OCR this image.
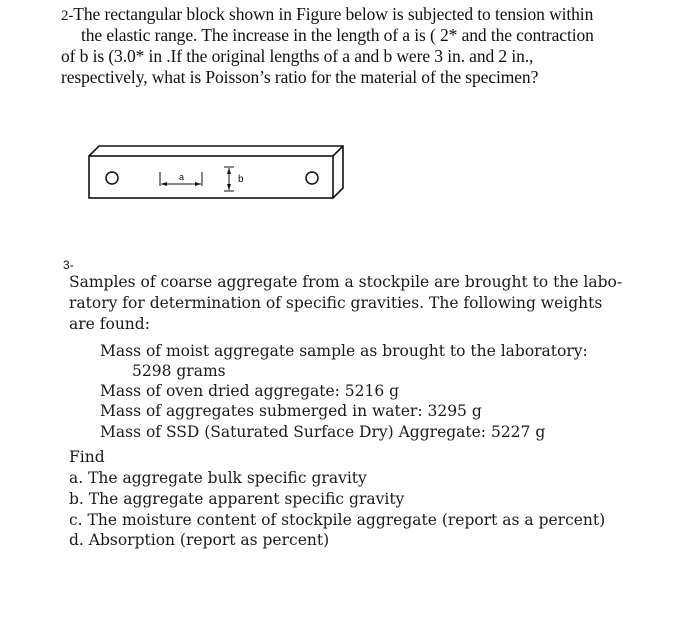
2-The rectangular block shown in Figure below is subjected to tension within
the elastic range. The increase in the length of a is ( 2* and the contraction
of b is (3.0* in .If the original lengths of a and b were 3 in. and 2 in.,
respectively, what is Poisson’s ratio for the material of the specimen?
a	b
3-
Samples of coarse aggregate from a stockpile are brought to the labo-
ratory for determination of specific gravities. The following weights
are found:
Mass of moist aggregate sample as brought to the laboratory:
5298 grams
Mass of oven dried aggregate: 5216 g
Mass of aggregates submerged in water: 3295 g
Mass of SSD (Saturated Surface Dry) Aggregate: 5227 g
Find
a. The aggregate bulk specific gravity
b. The aggregate apparent specific gravity
c. The moisture content of stockpile aggregate (report as a percent)
d. Absorption (report as percent)
